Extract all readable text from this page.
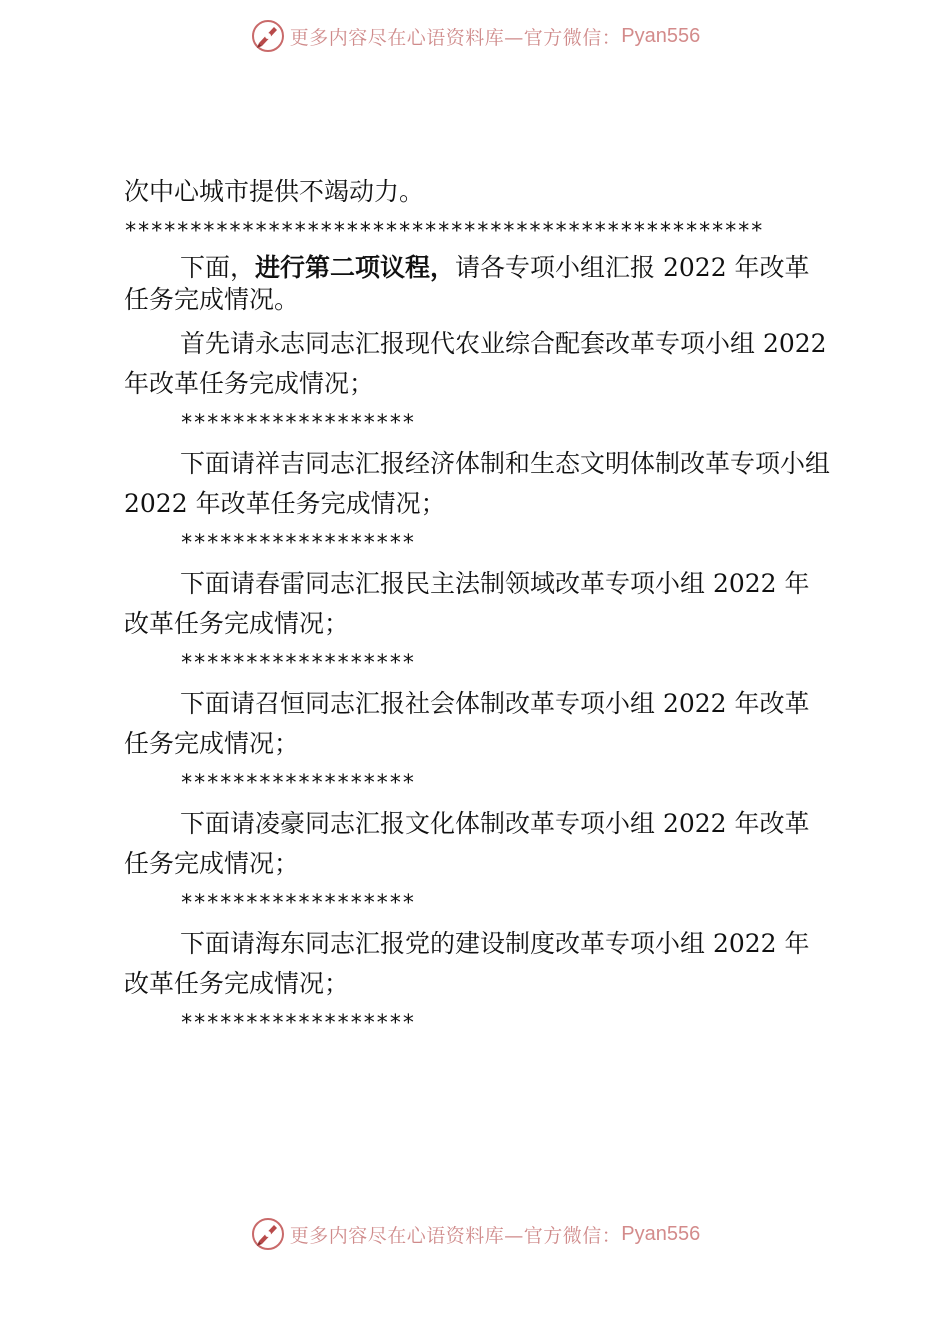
更多内容尽在心语资料库—官方微信： Pyan556

次中心城市提供不竭动力。

*************************************************

下面，进行第二项议程，请各专项小组汇报 2022 年改革任务完成情况。

首先请永志同志汇报现代农业综合配套改革专项小组 2022 年改革任务完成情况；

******************

下面请祥吉同志汇报经济体制和生态文明体制改革专项小组 2022 年改革任务完成情况；

******************

下面请春雷同志汇报民主法制领域改革专项小组 2022 年改革任务完成情况；

******************

下面请召恒同志汇报社会体制改革专项小组 2022 年改革任务完成情况；

******************

下面请凌豪同志汇报文化体制改革专项小组 2022 年改革任务完成情况；

******************

下面请海东同志汇报党的建设制度改革专项小组 2022 年改革任务完成情况；

******************

更多内容尽在心语资料库—官方微信： Pyan556
